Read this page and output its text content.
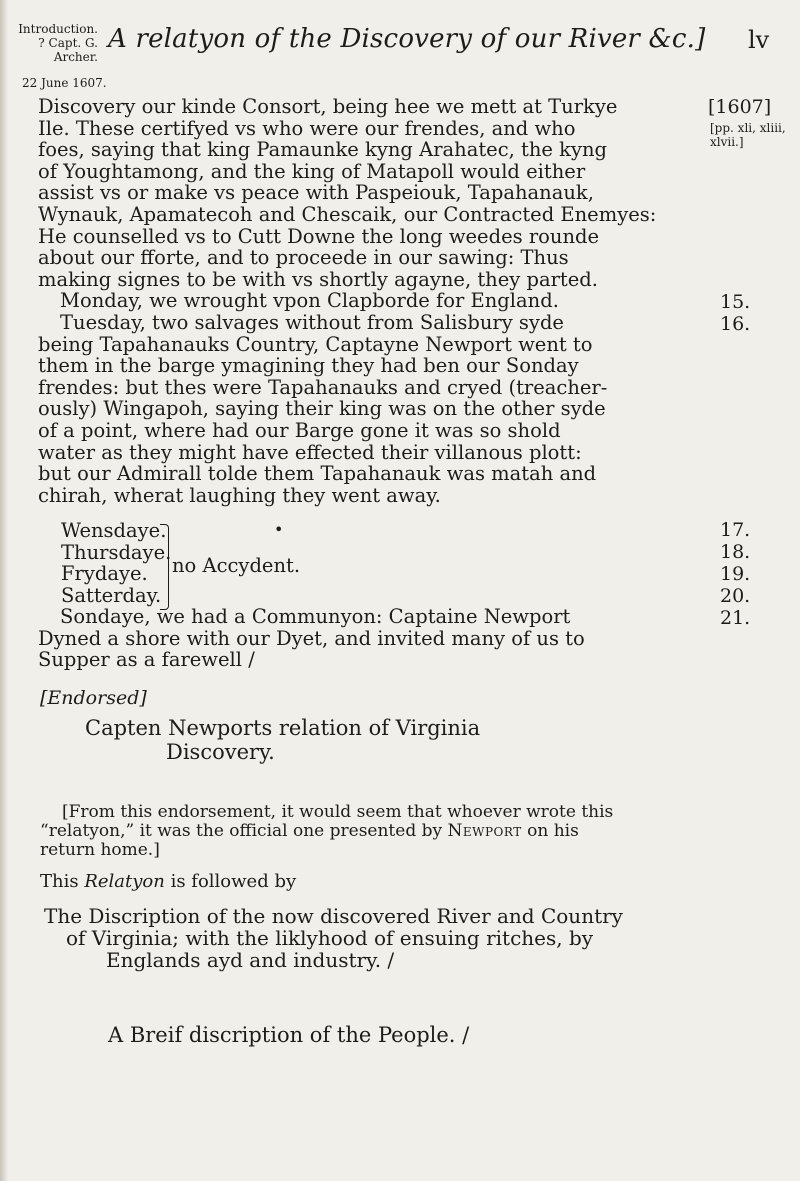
Introduction.
? Capt. G. Archer.
22 June 1607.
A relatyon of the Discovery of our River &c.] lv
[1607]
[pp. xli, xliii, xlvii.]
15.
16.
17.
18.
19.
20.
21.
Discovery our kinde Consort, being hee we mett at Turkye
Ile. These certifyed vs who were our frendes, and who
foes, saying that king Pamaunke kyng Arahatec, the kyng
of Youghtamong, and the king of Matapoll would either
assist vs or make vs peace with Paspeiouk, Tapahanauk,
Wynauk, Apamatecoh and Chescaik, our Contracted Enemyes:
He counselled vs to Cutt Downe the long weedes rounde
about our fforte, and to proceede in our sawing: Thus
making signes to be with vs shortly agayne, they parted.
Monday, we wrought vpon Clapborde for England.
Tuesday, two salvages without from Salisbury syde
being Tapahanauks Country, Captayne Newport went to
them in the barge ymagining they had ben our Sonday
frendes: but thes were Tapahanauks and cryed (treacher-
ously) Wingapoh, saying their king was on the other syde
of a point, where had our Barge gone it was so shold
water as they might have effected their villanous plott:
but our Admirall tolde them Tapahanauk was matah and
chirah, wherat laughing they went away.
Wensdaye.
Thursdaye.
Frydaye.
Satterday.
no Accydent.
•
Sondaye, we had a Communyon: Captaine Newport
Dyned a shore with our Dyet, and invited many of us to
Supper as a farewell /
[Endorsed]
Capten Newports relation of Virginia
Discovery.
[From this endorsement, it would seem that whoever wrote this
“relatyon,” it was the official one presented by Newport on his
return home.]
This Relatyon is followed by
The Discription of the now discovered River and Country
of Virginia; with the liklyhood of ensuing ritches, by
Englands ayd and industry. /
A Breif discription of the People. /
